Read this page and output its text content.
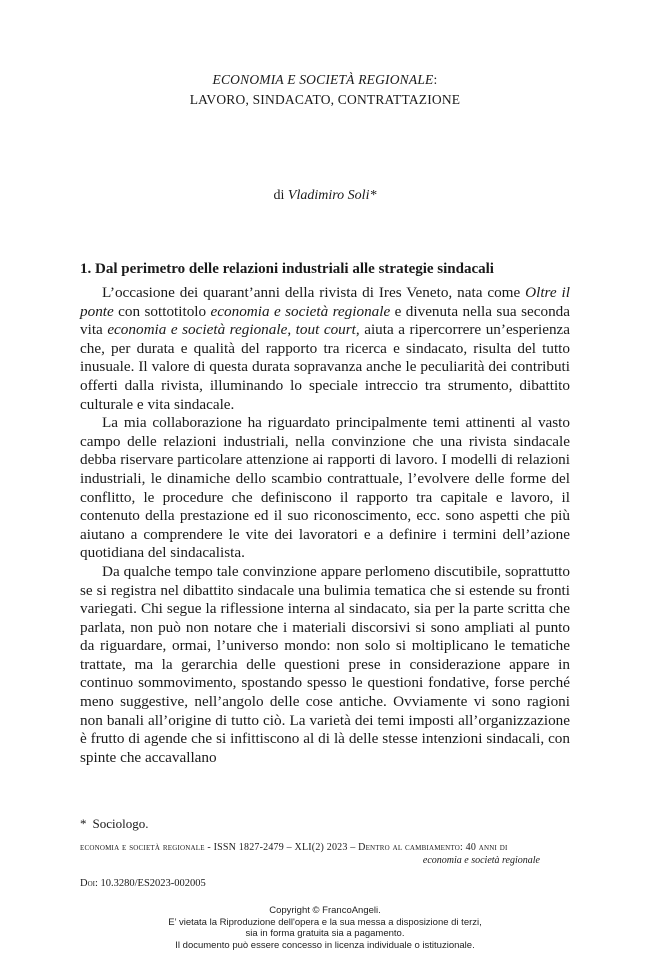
ECONOMIA E SOCIETÀ REGIONALE:
LAVORO, SINDACATO, CONTRATTAZIONE
di Vladimiro Soli*
1. Dal perimetro delle relazioni industriali alle strategie sindacali

L’occasione dei quarant’anni della rivista di Ires Veneto, nata come Oltre il ponte con sottotitolo economia e società regionale e divenuta nella sua seconda vita economia e società regionale, tout court, aiuta a ripercorrere un’esperienza che, per durata e qualità del rapporto tra ricerca e sindacato, risulta del tutto inusuale. Il valore di questa durata sopravanza anche le peculiarità dei contributi offerti dalla rivista, illuminando lo speciale intreccio tra strumento, dibattito culturale e vita sindacale.

La mia collaborazione ha riguardato principalmente temi attinenti al vasto campo delle relazioni industriali, nella convinzione che una rivista sindacale debba riservare particolare attenzione ai rapporti di lavoro. I modelli di relazioni industriali, le dinamiche dello scambio contrattuale, l’evolvere delle forme del conflitto, le procedure che definiscono il rapporto tra capitale e lavoro, il contenuto della prestazione ed il suo riconoscimento, ecc. sono aspetti che più aiutano a comprendere le vite dei lavoratori e a definire i termini dell’azione quotidiana del sindacalista.

Da qualche tempo tale convinzione appare perlomeno discutibile, soprattutto se si registra nel dibattito sindacale una bulimia tematica che si estende su fronti variegati. Chi segue la riflessione interna al sindacato, sia per la parte scritta che parlata, non può non notare che i materiali discorsivi si sono ampliati al punto da riguardare, ormai, l’universo mondo: non solo si moltiplicano le tematiche trattate, ma la gerarchia delle questioni prese in considerazione appare in continuo sommovimento, spostando spesso le questioni fondative, forse perché meno suggestive, nell’angolo delle cose antiche. Ovviamente vi sono ragioni non banali all’origine di tutto ciò. La varietà dei temi imposti all’organizzazione è frutto di agende che si infittiscono al di là delle stesse intenzioni sindacali, con spinte che accavallano

* Sociologo.
economia e società regionale - ISSN 1827-2479 – XLI(2) 2023 – Dentro al cambiamento: 40 anni di
economia e società regionale
Doi: 10.3280/ES2023-002005
Copyright © FrancoAngeli.
E’ vietata la Riproduzione dell'opera e la sua messa a disposizione di terzi,
sia in forma gratuita sia a pagamento.
Il documento può essere concesso in licenza individuale o istituzionale.
